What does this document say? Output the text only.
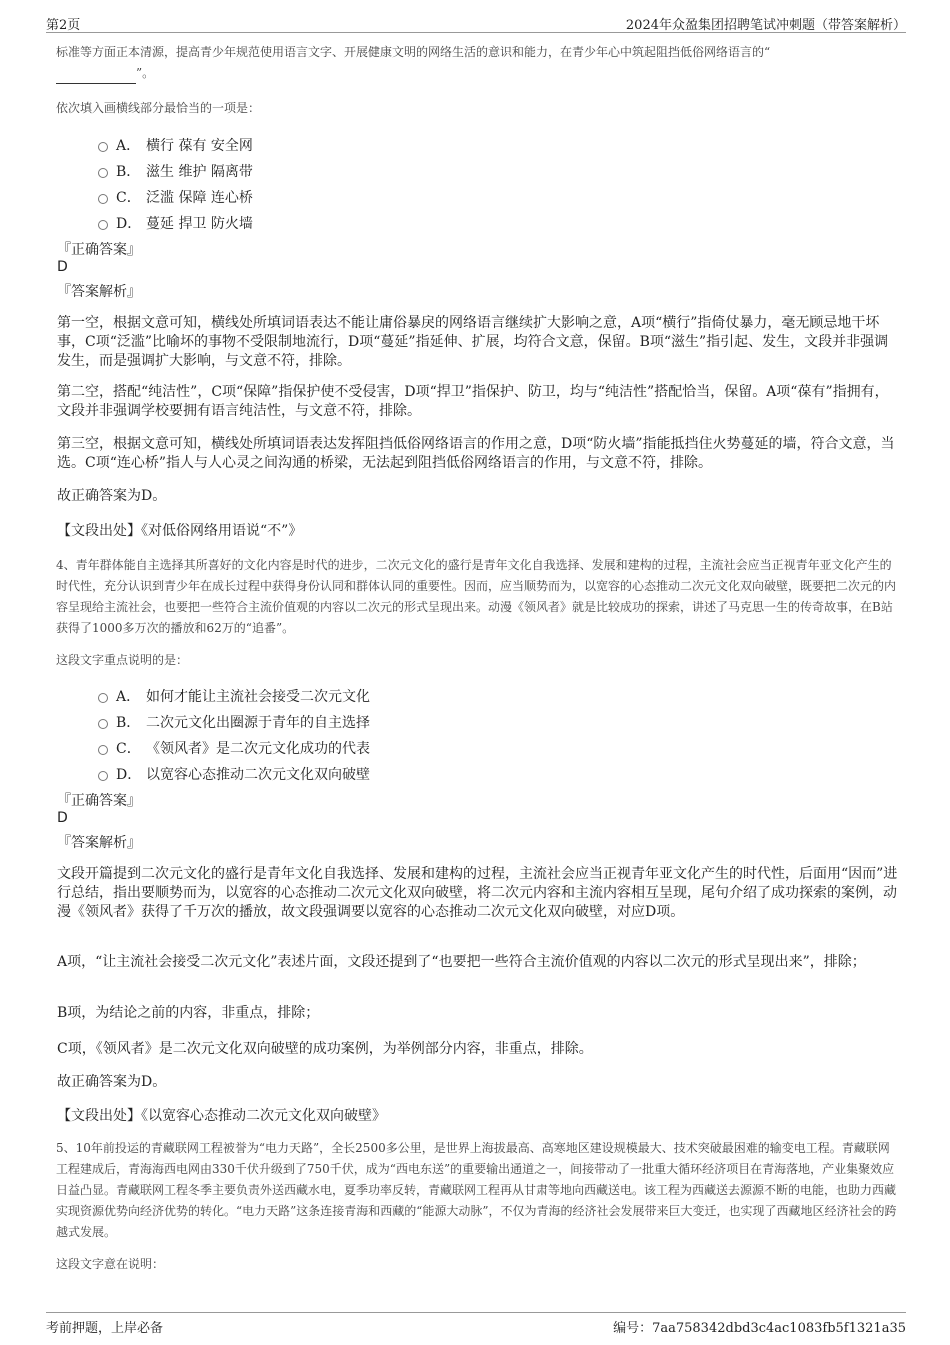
第2页	2024年众盈集团招聘笔试冲刺题（带答案解析）
标准等方面正本清源，提高青少年规范使用语言文字、开展健康文明的网络生活的意识和能力，在青少年心中筑起阻挡低俗网络语言的“
”。
依次填入画横线部分最恰当的一项是：
A． 横行 葆有 安全网
B． 滋生 维护 隔离带
C． 泛滥 保障 连心桥
D． 蔓延 捍卫 防火墙
『正确答案』
D
『答案解析』
第一空，根据文意可知，横线处所填词语表达不能让庸俗暴戾的网络语言继续扩大影响之意，A项“横行”指倚仗暴力，毫无顾忌地干坏事，C项“泛滥”比喻坏的事物不受限制地流行，D项“蔓延”指延伸、扩展，均符合文意，保留。B项“滋生”指引起、发生，文段并非强调发生，而是强调扩大影响，与文意不符，排除。
第二空，搭配“纯洁性”，C项“保障”指保护使不受侵害，D项“捍卫”指保护、防卫，均与“纯洁性”搭配恰当，保留。A项“葆有”指拥有，文段并非强调学校要拥有语言纯洁性，与文意不符，排除。
第三空，根据文意可知，横线处所填词语表达发挥阻挡低俗网络语言的作用之意，D项“防火墙”指能抵挡住火势蔓延的墙，符合文意，当选。C项“连心桥”指人与人心灵之间沟通的桥梁，无法起到阻挡低俗网络语言的作用，与文意不符，排除。
故正确答案为D。
【文段出处】《对低俗网络用语说“不”》
4、青年群体能自主选择其所喜好的文化内容是时代的进步，二次元文化的盛行是青年文化自我选择、发展和建构的过程，主流社会应当正视青年亚文化产生的时代性，充分认识到青少年在成长过程中获得身份认同和群体认同的重要性。因而，应当顺势而为，以宽容的心态推动二次元文化双向破壁，既要把二次元的内容呈现给主流社会，也要把一些符合主流价值观的内容以二次元的形式呈现出来。动漫《领风者》就是比较成功的探索，讲述了马克思一生的传奇故事，在B站获得了1000多万次的播放和62万的“追番”。
这段文字重点说明的是：
A． 如何才能让主流社会接受二次元文化
B． 二次元文化出圈源于青年的自主选择
C． 《领风者》是二次元文化成功的代表
D． 以宽容心态推动二次元文化双向破壁
『正确答案』
D
『答案解析』
文段开篇提到二次元文化的盛行是青年文化自我选择、发展和建构的过程，主流社会应当正视青年亚文化产生的时代性，后面用“因而”进行总结，指出要顺势而为，以宽容的心态推动二次元文化双向破壁，将二次元内容和主流内容相互呈现，尾句介绍了成功探索的案例，动漫《领风者》获得了千万次的播放，故文段强调要以宽容的心态推动二次元文化双向破壁，对应D项。
A项，“让主流社会接受二次元文化”表述片面，文段还提到了“也要把一些符合主流价值观的内容以二次元的形式呈现出来”，排除；
B项，为结论之前的内容，非重点，排除；
C项，《领风者》是二次元文化双向破壁的成功案例，为举例部分内容，非重点，排除。
故正确答案为D。
【文段出处】《以宽容心态推动二次元文化双向破壁》
5、10年前投运的青藏联网工程被誉为“电力天路”，全长2500多公里，是世界上海拔最高、高寒地区建设规模最大、技术突破最困难的输变电工程。青藏联网工程建成后，青海海西电网由330千伏升级到了750千伏，成为“西电东送”的重要输出通道之一，间接带动了一批重大循环经济项目在青海落地，产业集聚效应日益凸显。青藏联网工程冬季主要负责外送西藏水电，夏季功率反转，青藏联网工程再从甘肃等地向西藏送电。该工程为西藏送去源源不断的电能，也助力西藏实现资源优势向经济优势的转化。“电力天路”这条连接青海和西藏的“能源大动脉”，不仅为青海的经济社会发展带来巨大变迁，也实现了西藏地区经济社会的跨越式发展。
这段文字意在说明：
考前押题，上岸必备	编号：7aa758342dbd3c4ac1083fb5f1321a35
